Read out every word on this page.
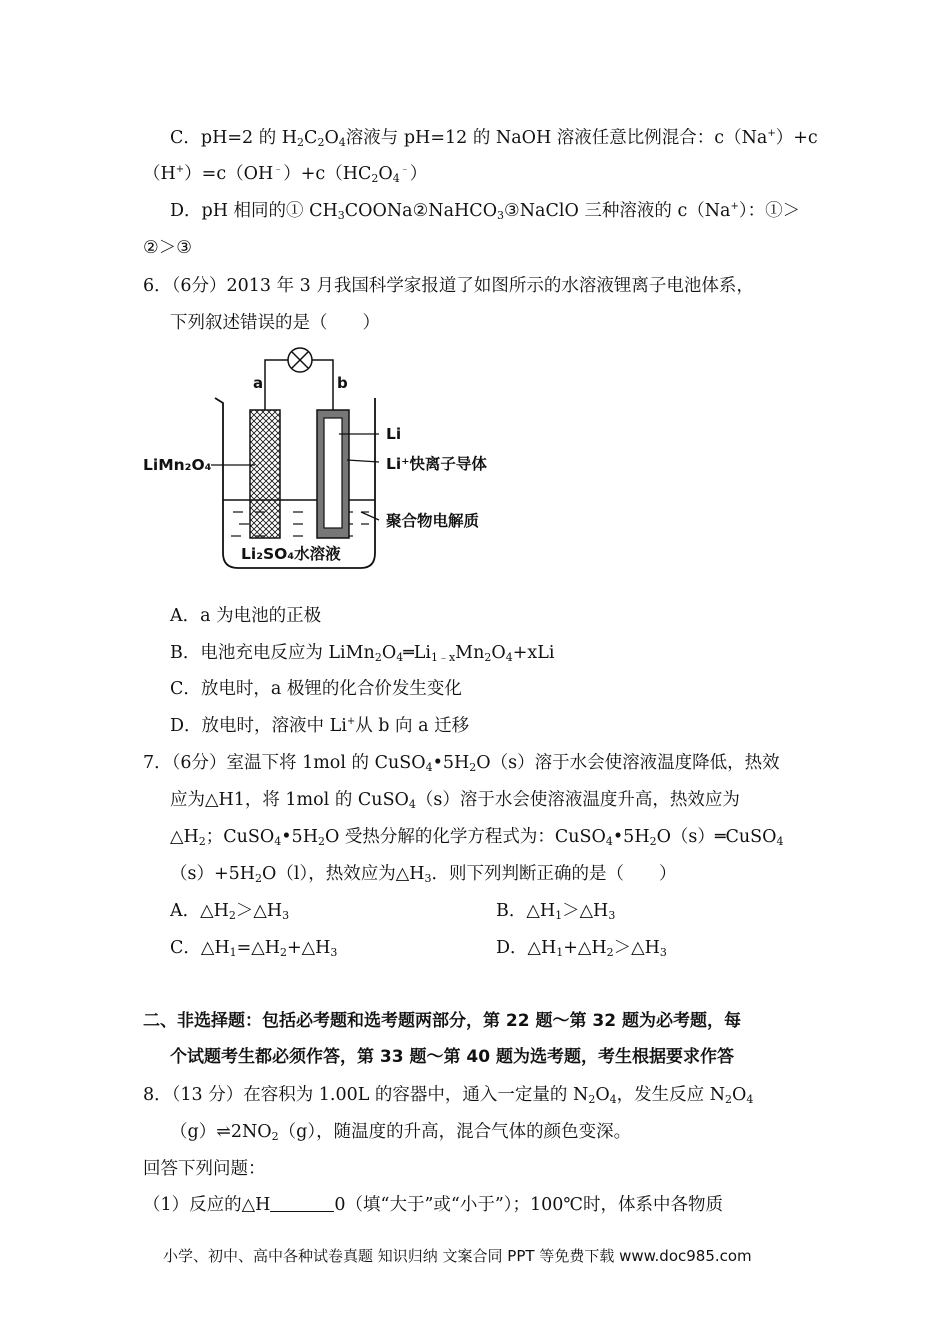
C．pH=2 的 $H_2C_2O_4$溶液与 pH=12 的 NaOH 溶液任意比例混合：c（Na+）+c
$(H^+)=c(OH^﹣)+c(HC_2O_4^﹣)$
D．pH 相同的① $CH_3COONa②NaHCO_3③NaClO$ 三种溶液的 c（Na+）：①＞
②＞③
6．（6分）2013 年 3 月我国科学家报道了如图所示的水溶液锂离子电池体系，
下列叙述错误的是（　　）
a	b
Li₂SO₄水溶液
Li
Li⁺快离子导体
聚合物电解质
LiMn₂O₄
A．a 为电池的正极
B．电池充电反应为 $LiMn_2O_4═Li_{1﹣x}Mn_2O_4+xLi$
C．放电时，a 极锂的化合价发生变化
D．放电时，溶液中 Li+从 b 向 a 迁移
7．（6分）室温下将 1mol 的 $CuSO_4•5H_2O(s)$溶于水会使溶液温度降低，热效
应为△H1，将 1mol 的 CuSO$_4$（s）溶于水会使溶液温度升高，热效应为
$\triangle H_2$；$CuSO_4•5H_2O$ 受热分解的化学方程式为：$CuSO_4•5H_2O(s)═CuSO_4$
$(s)+5H_2O(l)$，热效应为$\triangle H_3$．则下列判断正确的是（　　）
A．$\triangle H_2>\triangle H_3$	B．$\triangle H_1>\triangle H_3$
C．$\triangle H_1=\triangle H_2+\triangle H_3$	D．$\triangle H_1+\triangle H_2>\triangle H_3$
二、非选择题：包括必考题和选考题两部分，第 22 题～第 32 题为必考题，每
个试题考生都必须作答，第 33 题～第 40 题为选考题，考生根据要求作答
8．（13 分）在容积为 1.00L 的容器中，通入一定量的 $N_2O_4$，发生反应 $N_2O_4$
$(g)\rightleftharpoons 2NO_2(g)$，随温度的升高，混合气体的颜色变深。
回答下列问题：
（1）反应的△H	0（填“大于”或“小于”）；100℃时，体系中各物质
小学、初中、高中各种试卷真题 知识归纳 文案合同 PPT 等免费下载 www.doc985.com
